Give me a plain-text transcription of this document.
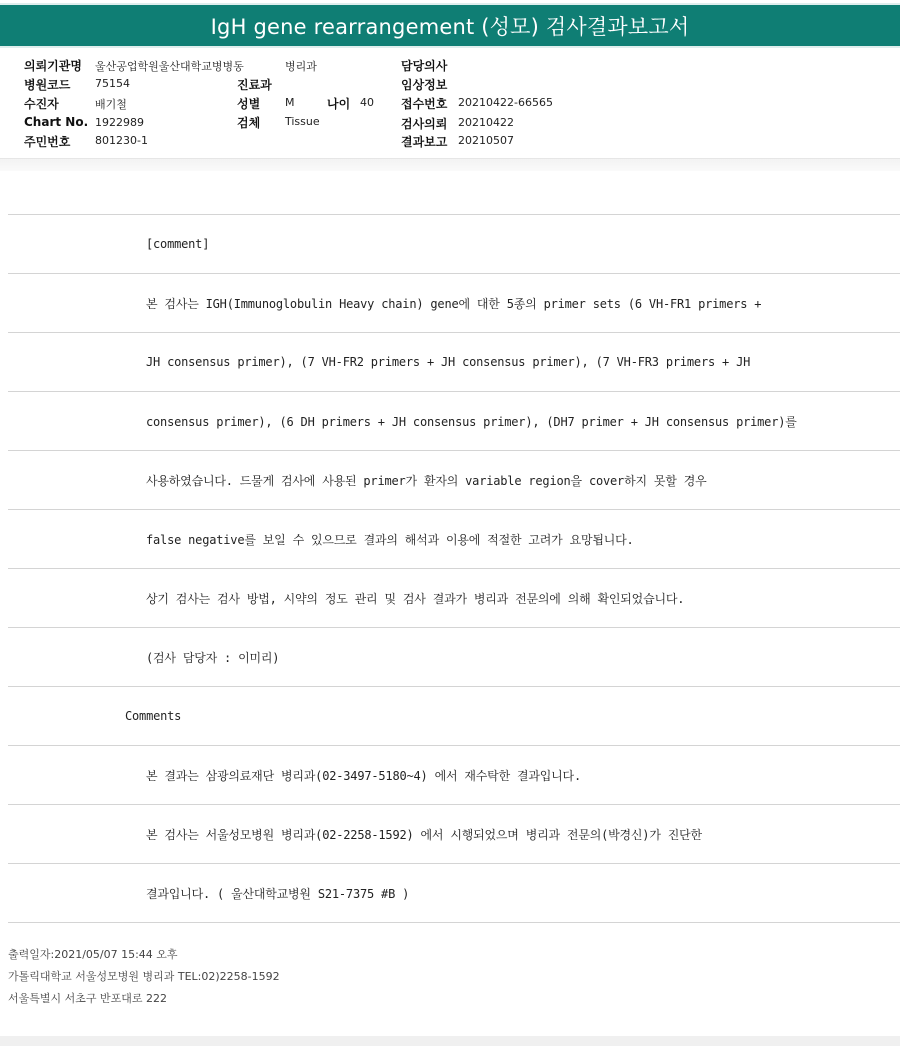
IgH gene rearrangement (성모) 검사결과보고서
의뢰기관명 울산공업학원울산대학교병병동	병리과
병원코드 75154
수진자	배기철
Chart No. 1922989
주민번호 801230-1
진료과
성별 M	나이 40
검체 Tissue
담당의사
임상정보
접수번호 20210422-66565
검사의뢰 20210422
결과보고 20210507
[comment]
본 검사는 IGH(Immunoglobulin Heavy chain) gene에 대한 5종의 primer sets (6 VH-FR1 primers +
JH consensus primer), (7 VH-FR2 primers + JH consensus primer), (7 VH-FR3 primers + JH
consensus primer), (6 DH primers + JH consensus primer), (DH7 primer + JH consensus primer)를
사용하였습니다. 드물게 검사에 사용된 primer가 환자의 variable region을 cover하지 못할 경우
false negative를 보일 수 있으므로 결과의 해석과 이용에 적절한 고려가 요망됩니다.
상기 검사는 검사 방법, 시약의 정도 관리 및 검사 결과가 병리과 전문의에 의해 확인되었습니다.
(검사 담당자 : 이미리)
Comments
본 결과는 삼광의료재단 병리과(02-3497-5180~4) 에서 재수탁한 결과입니다.
본 검사는 서울성모병원 병리과(02-2258-1592) 에서 시행되었으며 병리과 전문의(박경신)가 진단한
결과입니다. ( 울산대학교병원 S21-7375 #B )
출력일자:2021/05/07 15:44 오후
가톨릭대학교 서울성모병원 병리과 TEL:02)2258-1592
서울특별시 서초구 반포대로 222
